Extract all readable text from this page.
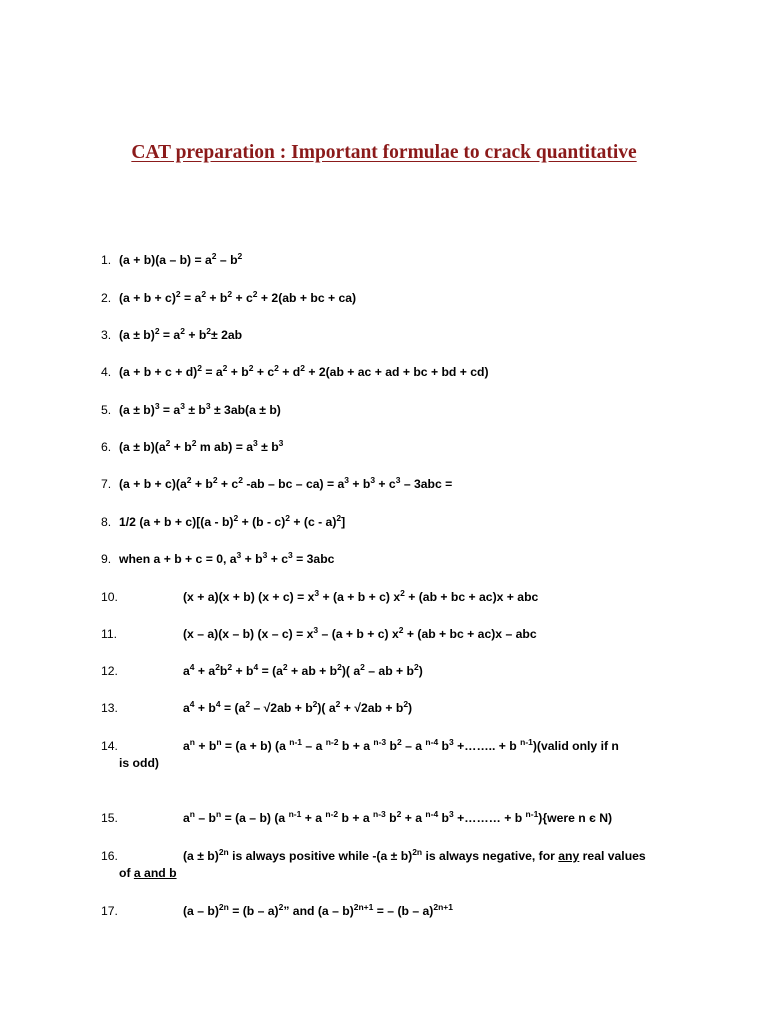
CAT preparation : Important formulae to crack quantitative
1. $(a + b)(a - b) = a^2 - b^2$
2. $(a + b + c)^2 = a^2 + b^2 + c^2 + 2(ab$ + bc + ca)
3. $(a \pm b)^2 = a^2 + b^2\pm 2ab$
4. $(a + b + c + d)^2 = a^2 + b^2 + c^2 + d^2 + 2(ab$ + ac + ad + bc + bd + cd)
5. $(a \pm b)^3 = a^3 \pm b^3 \pm 3ab(a \pm b)$
6. $(a \pm b)(a^2 + b^2$ m $ab) = a^3 \pm b^3$
7. $(a + b + c)(a^2 + b^2 + c^2$ -ab – bc – $ca) = a^3 + b^3 + c^3 - 3abc$ =
8. 1/2 (a + b + c)[(a - b)$^2$ + (b - c)$^2$ + (c - a)$^2$]
9. when a + b + c = 0, $a^3 + b^3 + c^3 = 3abc$
10.	(x + a)(x + b) $(x + c) = x^3 + (a + b + c) x^2 + (ab$ + bc + ac)x + abc
11.	(x – a)(x – b) $(x - c) = x^3 - (a + b + c) x^2 + (ab$ + bc + ac)x – abc
12.	$a^4 + a^2b^2 + b^4 = (a^2$ + ab + $b^2$)( $a^2$ – ab + $b^2$)
13.	$a^4 + b^4 = (a^2 - √2ab + b^2)$( $a^2 + √2ab + b^2$)
14.	$a^n + b^n = (a + b)$ (a $^{n-1}$ – a $^{n-2}$ b + a $^{n-3}$ $b^2$ – a $^{n-4}$ $b^3$ +…….. + b $^{n-1}$)(valid only if n
is odd)
15.	$a^n - b^n = (a - b)$ (a $^{n-1}$ + a $^{n-2}$ b + a $^{n-3}$ $b^2 + a$ $^{n-4}$ $b^3$ +……… + b $^{n-1}$){were n є N)
16.	$(a \pm b)^{2n}$ is always positive while $-(a \pm b)^{2n}$ is always negative, for any real values
of a and b
17.	(a – b)$^{2n}$ = (b – a)$^2$” and (a – b)$^{2n+1}$ = – (b – a)$^{2n+1}$
